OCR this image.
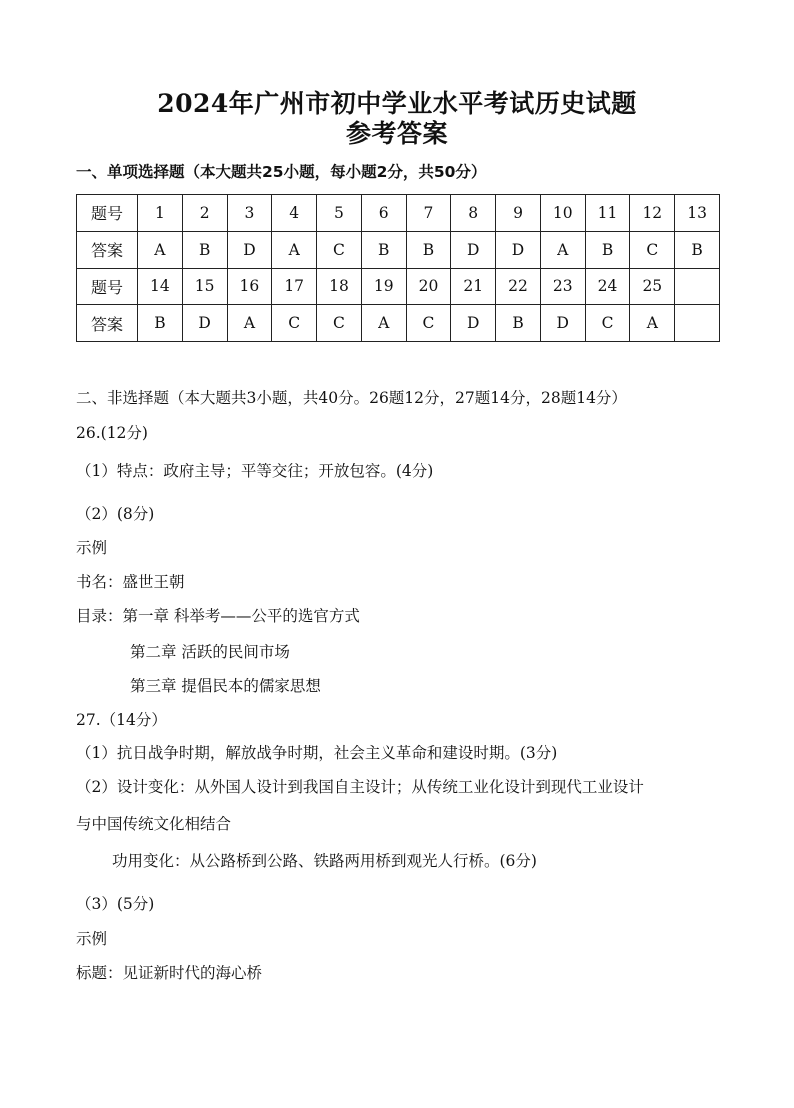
2024年广州市初中学业水平考试历史试题
参考答案
一、单项选择题（本大题共25小题，每小题2分，共50分）
题号	1	2	3	4	5	6	7	8	9	10	11	12	13
答案	A	B	D	A	C	B	B	D	D	A	B	C	B
题号	14	15	16	17	18	19	20	21	22	23	24	25	
答案	B	D	A	C	C	A	C	D	B	D	C	A	
二、非选择题（本大题共3小题，共40分。26题12分，27题14分，28题14分）
26.(12分)
（1）特点：政府主导；平等交往；开放包容。(4分)
（2）(8分)
示例
书名：盛世王朝
目录：第一章 科举考——公平的选官方式
第二章 活跃的民间市场
第三章 提倡民本的儒家思想
27.（14分）
（1）抗日战争时期，解放战争时期，社会主义革命和建设时期。(3分)
（2）设计变化：从外国人设计到我国自主设计；从传统工业化设计到现代工业设计
与中国传统文化相结合
功用变化：从公路桥到公路、铁路两用桥到观光人行桥。(6分)
（3）(5分)
示例
标题：见证新时代的海心桥
